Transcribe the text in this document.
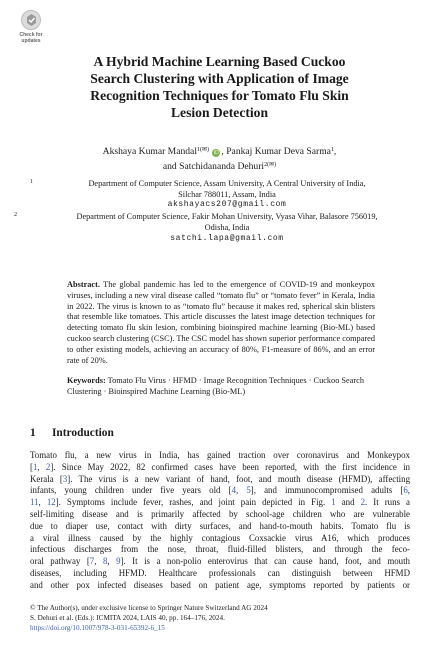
Check for
updates
A Hybrid Machine Learning Based Cuckoo
Search Clustering with Application of Image
Recognition Techniques for Tomato Flu Skin
Lesion Detection
Akshaya Kumar Mandal$^{1(✉)}$ iD , Pankaj Kumar Deva Sarma$^1$,
and Satchidananda Dehuri$^{2(✉)}$
1	Department of Computer Science, Assam University, A Central University of India,
Silchar 788011, Assam, India
akshayacs207@gmail.com
2	Department of Computer Science, Fakir Mohan University, Vyasa Vihar, Balasore 756019,
Odisha, India
satchi.lapa@gmail.com
Abstract. The global pandemic has led to the emergence of COVID-19 and monkeypox viruses, including a new viral disease called “tomato flu” or “tomato fever” in Kerala, India in 2022. The virus is known to as “tomato flu” because it makes red, spherical skin blisters that resemble like tomatoes. This article discusses the latest image detection techniques for detecting tomato flu skin lesion, combining bioinspired machine learning (Bio-ML) based cuckoo search clustering (CSC). The CSC model has shown superior performance compared to other existing models, achieving an accuracy of 80%, F1-measure of 86%, and an error rate of 20%.
Keywords: Tomato Flu Virus · HFMD · Image Recognition Techniques · Cuckoo Search Clustering · Bioinspired Machine Learning (Bio-ML)
1 Introduction
Tomato flu, a new virus in India, has gained traction over coronavirus and Monkeypox
[1, 2]. Since May 2022, 82 confirmed cases have been reported, with the first incidence in
Kerala [3]. The virus is a new variant of hand, foot, and mouth disease (HFMD), affecting
infants, young children under five years old [4, 5], and immunocompromised adults [6,
11, 12]. Symptoms include fever, rashes, and joint pain depicted in Fig. 1 and 2. It runs a
self-limiting disease and is primarily affected by school-age children who are vulnerable
due to diaper use, contact with dirty surfaces, and hand-to-mouth habits. Tomato flu is
a viral illness caused by the highly contagious Coxsackie virus A16, which produces
infectious discharges from the nose, throat, fluid-filled blisters, and through the feco-
oral pathway [7, 8, 9]. It is a non-polio enterovirus that can cause hand, foot, and mouth
diseases, including HFMD. Healthcare professionals can distinguish between HFMD
and other pox infected diseases based on patient age, symptoms reported by patients or
© The Author(s), under exclusive license to Springer Nature Switzerland AG 2024
S. Dehuri et al. (Eds.): ICMITA 2024, LAIS 40, pp. 164–176, 2024.
https://doi.org/10.1007/978-3-031-65392-6_15
